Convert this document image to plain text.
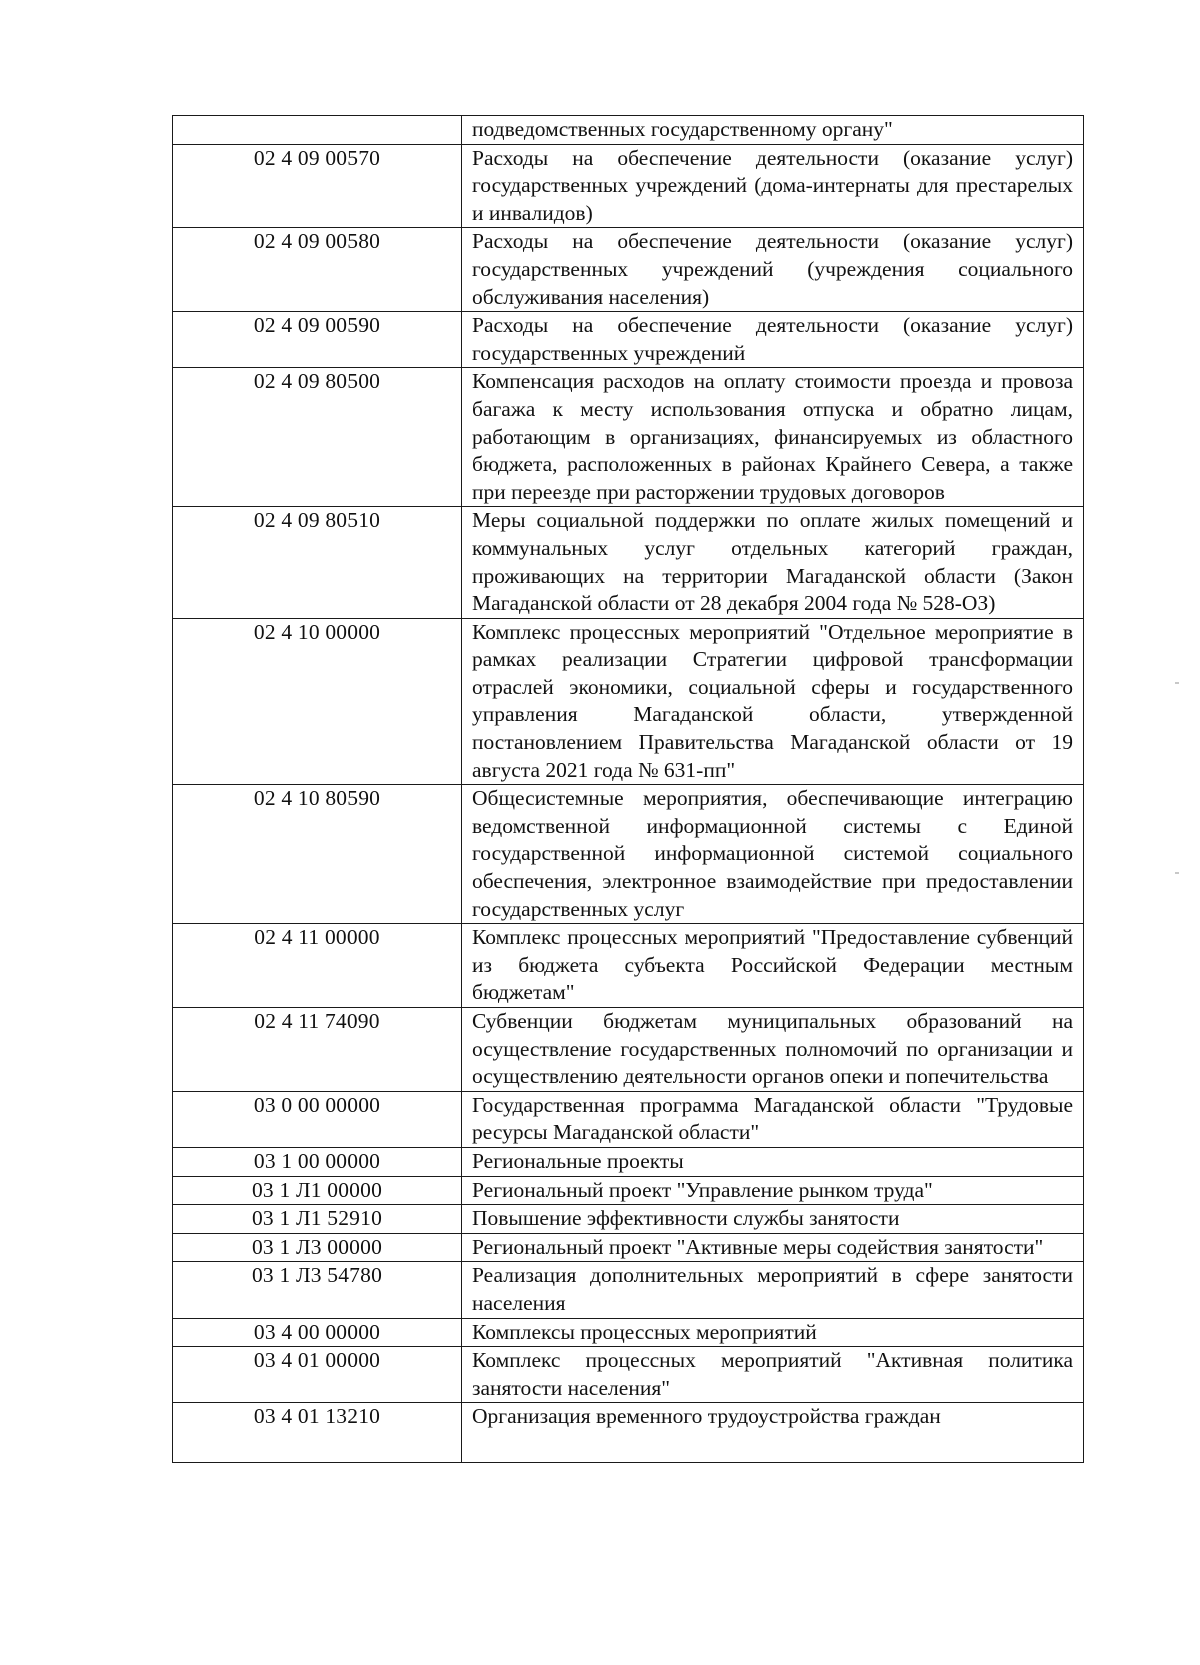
	подведомственных государственному органу"
02 4 09 00570	Расходы на обеспечение деятельности (оказание услуг) государственных учреждений (дома-интернаты для престарелых и инвалидов)
02 4 09 00580	Расходы на обеспечение деятельности (оказание услуг) государственных учреждений (учреждения социального обслуживания населения)
02 4 09 00590	Расходы на обеспечение деятельности (оказание услуг) государственных учреждений
02 4 09 80500	Компенсация расходов на оплату стоимости проезда и провоза багажа к месту использования отпуска и обратно лицам, работающим в организациях, финансируемых из областного бюджета, расположенных в районах Крайнего Севера, а также при переезде при расторжении трудовых договоров
02 4 09 80510	Меры социальной поддержки по оплате жилых помещений и коммунальных услуг отдельных категорий граждан, проживающих на территории Магаданской области (Закон Магаданской области от 28 декабря 2004 года № 528-ОЗ)
02 4 10 00000	Комплекс процессных мероприятий "Отдельное мероприятие в рамках реализации Стратегии цифровой трансформации отраслей экономики, социальной сферы и государственного управления Магаданской области, утвержденной постановлением Правительства Магаданской области от 19 августа 2021 года № 631-пп"
02 4 10 80590	Общесистемные мероприятия, обеспечивающие интеграцию ведомственной информационной системы с Единой государственной информационной системой социального обеспечения, электронное взаимодействие при предоставлении государственных услуг
02 4 11 00000	Комплекс процессных мероприятий "Предоставление субвенций из бюджета субъекта Российской Федерации местным бюджетам"
02 4 11 74090	Субвенции бюджетам муниципальных образований на осуществление государственных полномочий по организации и осуществлению деятельности органов опеки и попечительства
03 0 00 00000	Государственная программа Магаданской области "Трудовые ресурсы Магаданской области"
03 1 00 00000	Региональные проекты
03 1 Л1 00000	Региональный проект "Управление рынком труда"
03 1 Л1 52910	Повышение эффективности службы занятости
03 1 Л3 00000	Региональный проект "Активные меры содействия занятости"
03 1 Л3 54780	Реализация дополнительных мероприятий в сфере занятости населения
03 4 00 00000	Комплексы процессных мероприятий
03 4 01 00000	Комплекс процессных мероприятий "Активная политика занятости населения"
03 4 01 13210	Организация временного трудоустройства граждан
